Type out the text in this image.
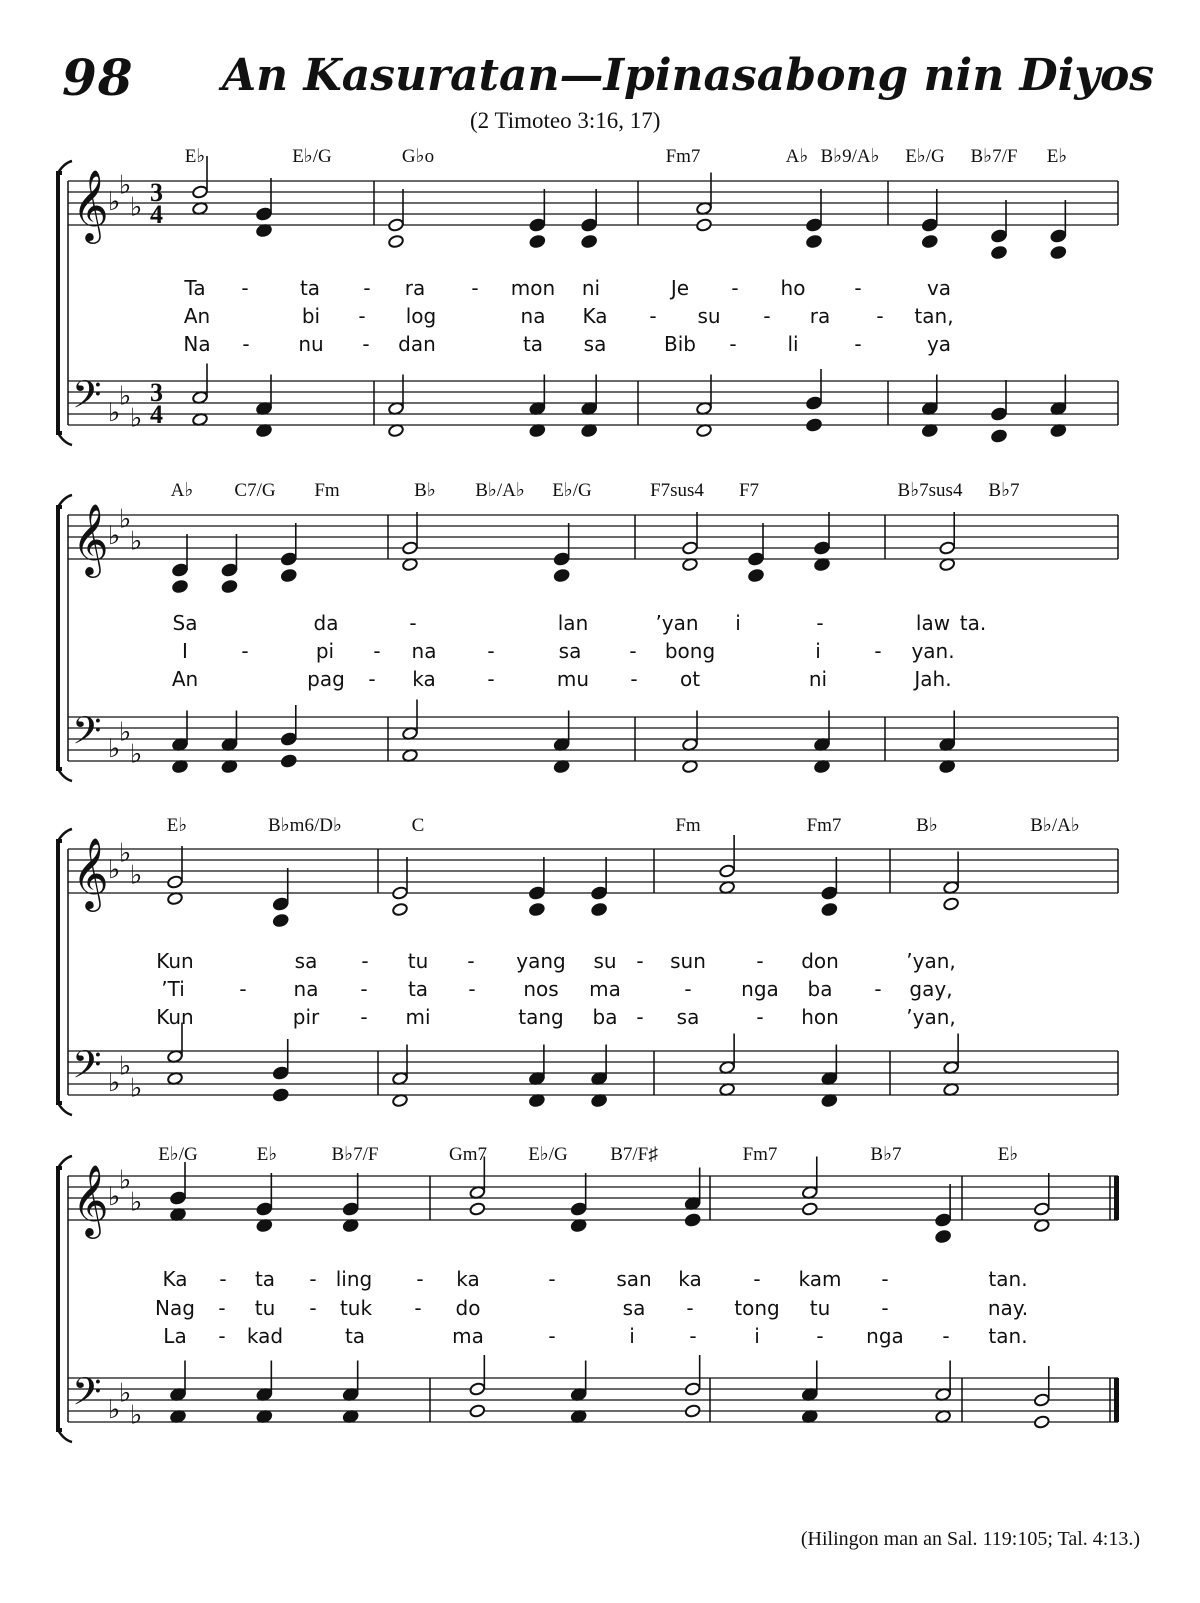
98 An Kasuratan—Ipinasabong nin Diyos
(2 Timoteo 3:16, 17)
𝄞
𝄢
♭
♭
♭
♭
♭
♭
3
4
3
4
E♭	E♭/G	G♭o	Fm7	A♭ B♭9/A♭ E♭/G B♭7/F E♭
Ta -	ta - ra - mon ni	Je - ho -	va
An	bi - log	na Ka - su - ra - tan,
Na - nu - dan	ta sa	Bib -	li	-	ya
𝄞
𝄢
♭
♭
♭
♭
♭
♭
A♭ C7/G Fm	B♭ B♭/A♭ E♭/G	F7sus4 F7	B♭7sus4 B♭7
Sa	da	-	lan	’yan i	-	law ta.
I	-	pi - na	-	sa - bong	i	- yan.
An	pag - ka	-	mu - ot	ni	Jah.
𝄞
𝄢
♭
♭
♭
♭
♭
♭
E♭	B♭m6/D♭	C	Fm	Fm7	B♭	B♭/A♭
Kun	sa - tu - yang su - sun	- don	’yan,
’Ti	- na - ta - nos ma	- nga ba - gay,
Kun	pir - mi	tang ba - sa	- hon	’yan,
𝄞
𝄢
♭
♭
♭
♭
♭
♭
E♭/G	E♭	B♭7/F	Gm7 E♭/G B7/F♯	Fm7	B♭7	E♭
Ka - ta - ling - ka	-	san ka	- kam -	tan.
Nag - tu - tuk - do	sa - tong tu	-	nay.
La - kad	ta	ma	-	i	-	i	- nga - tan.
(Hilingon man an Sal. 119:105; Tal. 4:13.)
